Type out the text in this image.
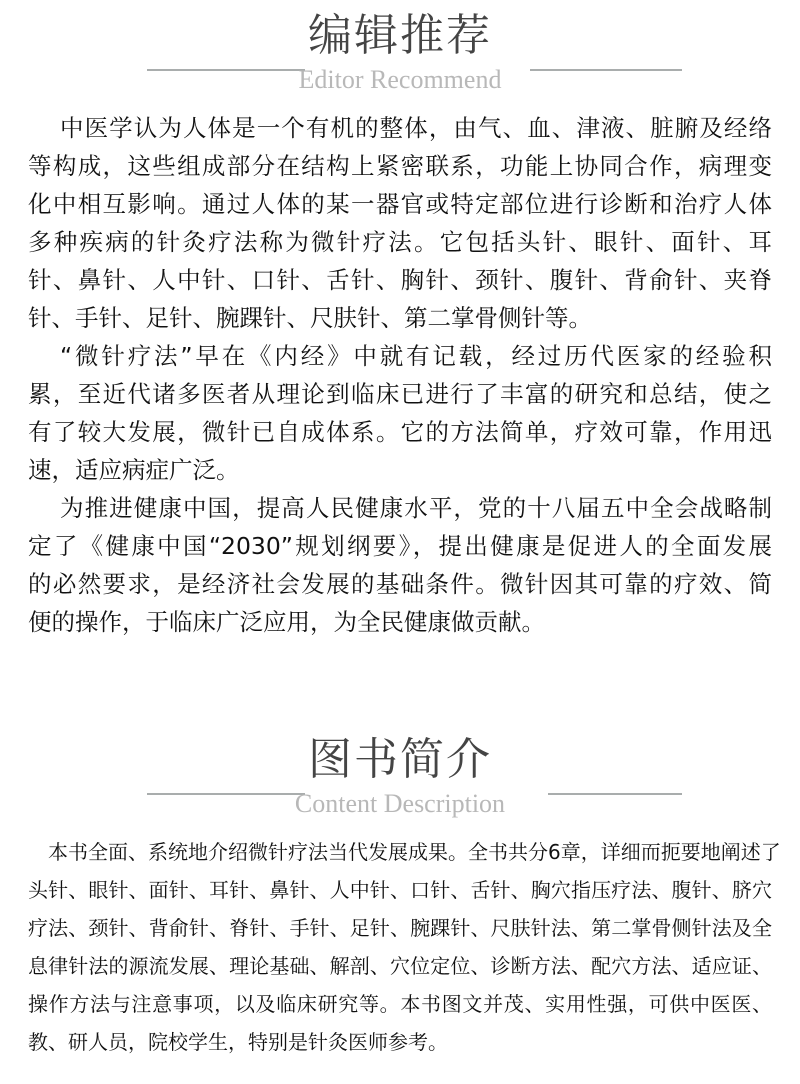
编辑推荐
Editor Recommend
中医学认为人体是一个有机的整体，由气、血、津液、脏腑及经络
等构成，这些组成部分在结构上紧密联系，功能上协同合作，病理变
化中相互影响。通过人体的某一器官或特定部位进行诊断和治疗人体
多种疾病的针灸疗法称为微针疗法。它包括头针、眼针、面针、耳
针、鼻针、人中针、口针、舌针、胸针、颈针、腹针、背俞针、夹脊
针、手针、足针、腕踝针、尺肤针、第二掌骨侧针等。
“微针疗法”早在《内经》中就有记载，经过历代医家的经验积
累，至近代诸多医者从理论到临床已进行了丰富的研究和总结，使之
有了较大发展，微针已自成体系。它的方法简单，疗效可靠，作用迅
速，适应病症广泛。
为推进健康中国，提高人民健康水平，党的十八届五中全会战略制
定了《健康中国“2030”规划纲要》，提出健康是促进人的全面发展
的必然要求，是经济社会发展的基础条件。微针因其可靠的疗效、简
便的操作，于临床广泛应用，为全民健康做贡献。
图书简介
Content Description
本书全面、系统地介绍微针疗法当代发展成果。全书共分6章，详细而扼要地阐述了
头针、眼针、面针、耳针、鼻针、人中针、口针、舌针、胸穴指压疗法、腹针、脐穴
疗法、颈针、背俞针、脊针、手针、足针、腕踝针、尺肤针法、第二掌骨侧针法及全
息律针法的源流发展、理论基础、解剖、穴位定位、诊断方法、配穴方法、适应证、
操作方法与注意事项，以及临床研究等。本书图文并茂、实用性强，可供中医医、
教、研人员，院校学生，特别是针灸医师参考。
